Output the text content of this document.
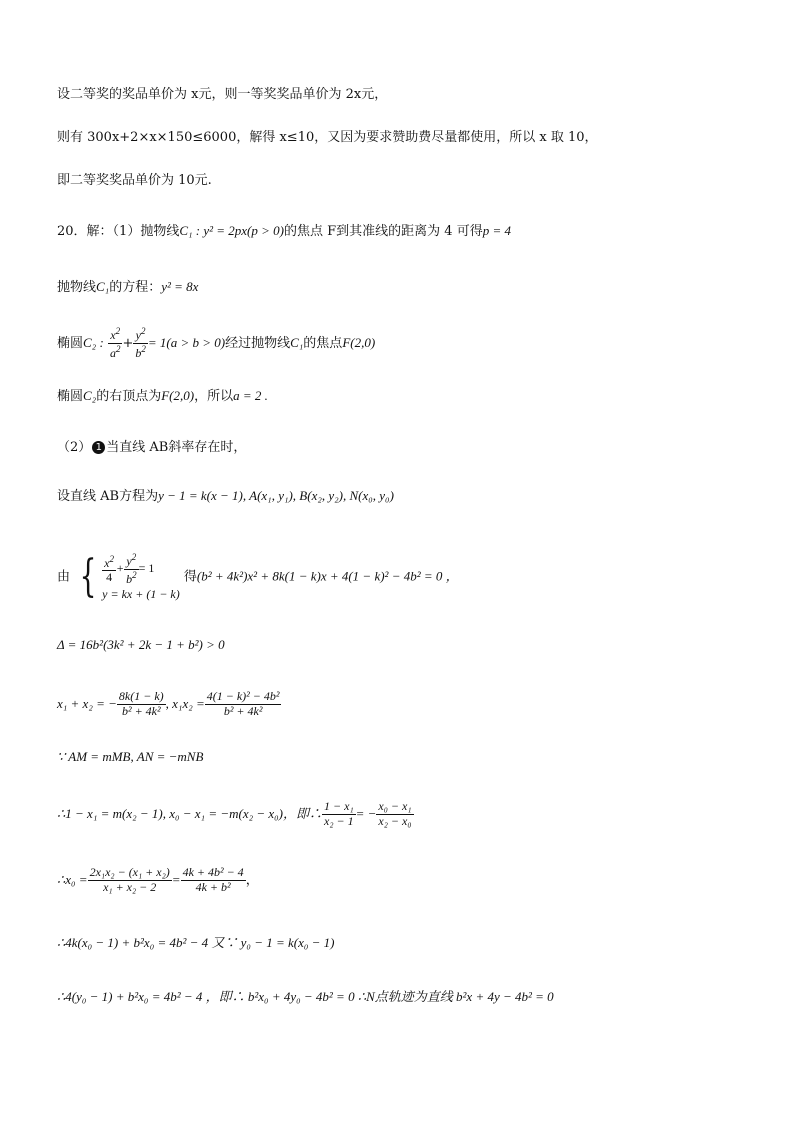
设二等奖的奖品单价为 x元，则一等奖奖品单价为 2x元，
则有 300x+2×x×150≤6000，解得 x≤10，又因为要求赞助费尽量都使用，所以 x 取 10，
即二等奖奖品单价为 10元.
20．解：（1）抛物线C₁ : y² = 2px(p > 0)的焦点 F到其准线的距离为 4 可得p = 4
抛物线C₁的方程：y² = 8x
椭圆C₂ : $\frac{x^2}{a^2} + \frac{y^2}{b^2} = 1(a > b > 0)$经过抛物线C₁的焦点F(2,0)
椭圆C₂的右顶点为F(2,0)，所以a = 2 .
（2） 1 当直线 AB斜率存在时，
设直线 AB方程为y − 1 = k(x − 1), A(x₁, y₁), B(x₂, y₂), N(x₀, y₀)
由 { $\frac{x^2}{4} + \frac{y^2}{b^2} = 1$
y = kx + (1 − k)
得(b² + 4k²)x² + 8k(1 − k)x + 4(1 − k)² − 4b² = 0 ，
Δ = 16b²(3k² + 2k − 1 + b²) > 0
x₁ + x₂ = − $\frac{8k(1 - k)}{\text{b² + 4k²}}$ , $x_1x_2 = \frac{\text{4(1 − k)² − 4b²}}{\text{b² + 4k²}}$
∵ AM = mMB, AN = −mNB
∴1 − x₁ = m(x₂ − 1), x₀ − x₁ = −m(x₂ − x₀)，即∴ $\frac{\text{1 − x₁}}{\text{x₂ − 1}}$ = − $\frac{\text{x₀ − x₁}}{\text{x₂ − x₀}}$
∴x₀ = $\frac{\text{2x₁x₂ − (x₁ + x₂)}}{\text{x₁ + x₂ − 2}} = \frac{\text{4k + 4b² − 4}}{\text{4k + b²}}$ ，
∴4k(x₀ − 1) + b²x₀ = 4b² − 4 又∵ y₀ − 1 = k(x₀ − 1)
∴4(y₀ − 1) + b²x₀ = 4b² − 4 ，即∴ b²x₀ + 4y₀ − 4b² = 0 ∴N点轨迹为直线 b²x + 4y − 4b² = 0
